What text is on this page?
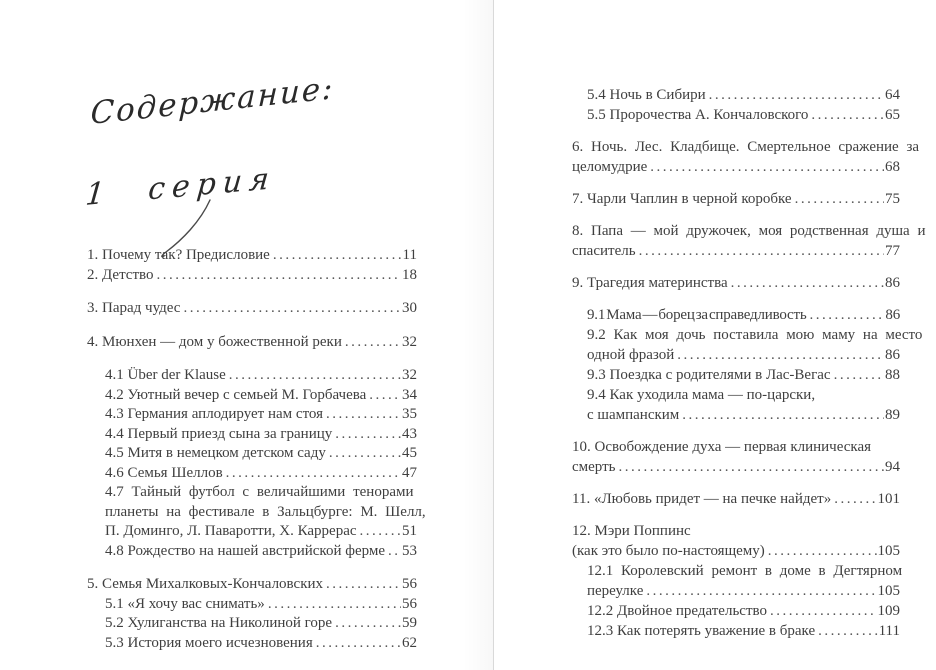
Содержание:
1 серия
1. Почему так? Предисловие .....	11
2. Детство .....	18
3. Парад чудес .....	30
4. Мюнхен — дом у божественной реки .....	32
4.1 Über der Klause .....	32
4.2 Уютный вечер с семьей М. Горбачева ..... 34
4.3 Германия аплодирует нам стоя .....	35
4.4 Первый приезд сына за границу .....	43
4.5 Митя в немецком детском саду .....	45
4.6 Семья Шеллов .....	47
4.7 Тайный футбол с величайшими тенорами
планеты на фестивале в Зальцбурге: М. Шелл,
П. Доминго, Л. Паваротти, Х. Каррерас .....	51
4.8 Рождество на нашей австрийской ферме ..... 53
5. Семья Михалковых-Кончаловских .....	56
5.1 «Я хочу вас снимать» .....	56
5.2 Хулиганства на Николиной горе .....	59
5.3 История моего исчезновения .....	62
5.4 Ночь в Сибири .....	64
5.5 Пророчества А. Кончаловского .....	65
6. Ночь. Лес. Кладбище. Смертельное сражение за
целомудрие .....	68
7. Чарли Чаплин в черной коробке .....	75
8. Папа — мой дружочек, моя родственная душа и
спаситель .....	77
9. Трагедия материнства .....	86
9.1 Мама — борец за справедливость .....	86
9.2 Как моя дочь поставила мою маму на место
одной фразой .....	86
9.3 Поездка с родителями в Лас-Вегас .....	88
9.4 Как уходила мама — по-царски,
с шампанским .....	89
10. Освобождение духа — первая клиническая
смерть .....	94
11. «Любовь придет — на печке найдет» .....	101
12. Мэри Поппинс
(как это было по-настоящему) .....	105
12.1 Королевский ремонт в доме в Дегтярном
переулке .....	105
12.2 Двойное предательство .....	109
12.3 Как потерять уважение в браке .....	111
